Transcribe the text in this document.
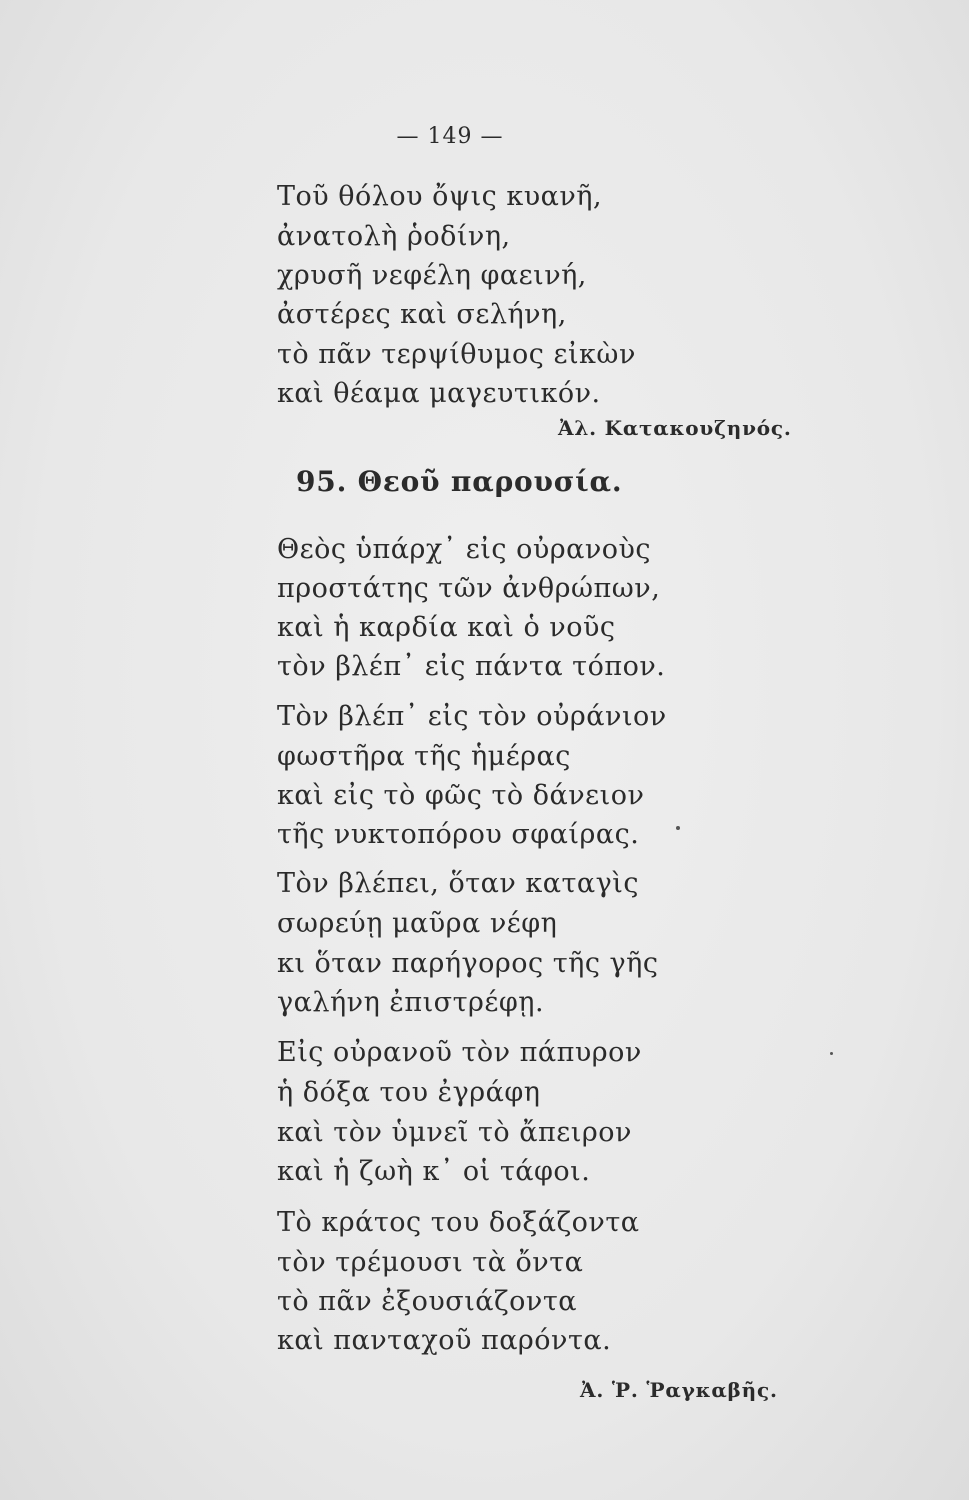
— 149 —
Τοῦ θόλου ὄψις κυανῆ,
ἀνατολὴ ῥοδίνη,
χρυσῆ νεφέλη φαεινή,
ἀστέρες καὶ σελήνη,
τὸ πᾶν τερψίθυμος εἰκὼν
καὶ θέαμα μαγευτικόν.
Ἀλ. Κατακουζηνός.
95. Θεοῦ παρουσία.
Θεὸς ὑπάρχ᾽ εἰς οὐρανοὺς
προστάτης τῶν ἀνθρώπων,
καὶ ἡ καρδία καὶ ὁ νοῦς
τὸν βλέπ᾽ εἰς πάντα τόπον.
Τὸν βλέπ᾽ εἰς τὸν οὐράνιον
φωστῆρα τῆς ἡμέρας
καὶ εἰς τὸ φῶς τὸ δάνειον
τῆς νυκτοπόρου σφαίρας.
Τὸν βλέπει, ὅταν καταγὶς
σωρεύῃ μαῦρα νέφη
κι ὅταν παρήγορος τῆς γῆς
γαλήνη ἐπιστρέφῃ.
Εἰς οὐρανοῦ τὸν πάπυρον
ἡ δόξα του ἐγράφη
καὶ τὸν ὑμνεῖ τὸ ἄπειρον
καὶ ἡ ζωὴ κ᾽ οἱ τάφοι.
Τὸ κράτος του δοξάζοντα
τὸν τρέμουσι τὰ ὄντα
τὸ πᾶν ἐξουσιάζοντα
καὶ πανταχοῦ παρόντα.
Ἀ. Ῥ. Ῥαγκαβῆς.
